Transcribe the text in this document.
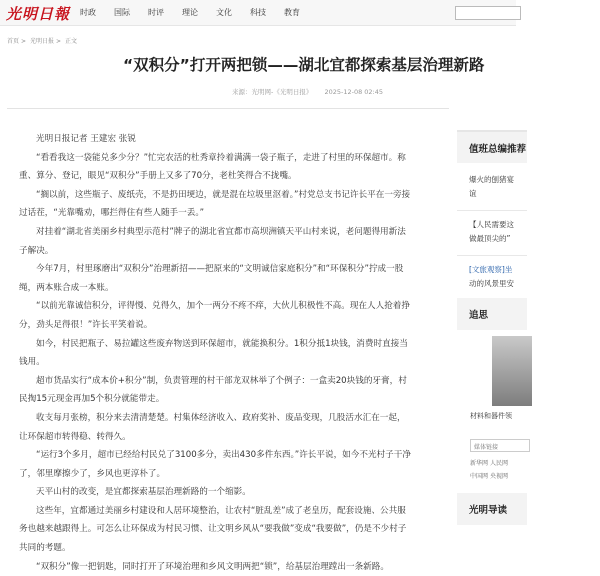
光明日報 时政 国际 时评 理论 文化 科技 教育
首页 > 光明日报 > 正文
“双积分”打开两把锁——湖北宜都探索基层治理新路
来源：光明网-《光明日报》 2025-12-08 02:45

光明日报记者 王建宏 张锐

“看看我这一袋能兑多少分？”忙完农活的杜秀章拎着满满一袋子瓶子，走进了村里的环保超市。称重、算分、登记，眼见“双积分”手册上又多了70分，老杜笑得合不拢嘴。

“搁以前，这些瓶子、废纸壳，不是扔田埂边，就是混在垃圾里沤着。”村党总支书记许长平在一旁接过话茬，“光靠嘴劝，哪拦得住有些人随手一丢。”

对挂着“湖北省美丽乡村典型示范村”牌子的湖北省宜都市高坝洲镇天平山村来说，老问题得用新法子解决。

今年7月，村里琢磨出“双积分”治理新招——把原来的“文明诚信家庭积分”和“环保积分”拧成一股绳，两本账合成一本账。

“以前光靠诚信积分，评得慢、兑得久，加个一两分不疼不痒，大伙儿积极性不高。现在人人抢着挣分，劲头足得很！”许长平笑着说。

如今，村民把瓶子、易拉罐这些废弃物送到环保超市，就能换积分。1积分抵1块钱，消费时直接当钱用。

超市货品实行“成本价+积分”制，负责管理的村干部龙双林举了个例子：一盒卖20块钱的牙膏，村民掏15元现金再加5个积分就能带走。

收支每月张榜，积分来去清清楚楚。村集体经济收入、政府奖补、废品变现，几股活水汇在一起，让环保超市转得稳、转得久。

“运行3个多月，超市已经给村民兑了3100多分，卖出430多件东西。”许长平说，如今不光村子干净了，邻里摩擦少了，乡风也更淳朴了。

天平山村的改变，是宜都探索基层治理新路的一个缩影。

这些年，宜都通过美丽乡村建设和人居环境整治，让农村“脏乱差”成了老皇历，配套设施、公共服务也越来越跟得上。可怎么让环保成为村民习惯、让文明乡风从“要我做”变成“我要做”，仍是不少村子共同的考题。

“双积分”像一把钥匙，同时打开了环境治理和乡风文明两把“锁”，给基层治理蹚出一条新路。

值班总编推荐
爆火的刨猪宴
谊
【人民需要这
做最顶尖的”
[文旅观察]坐
动的风景里安
追思
材料和器件领
媒体链接
新华网 人民网
中国网 央视网
光明导读
